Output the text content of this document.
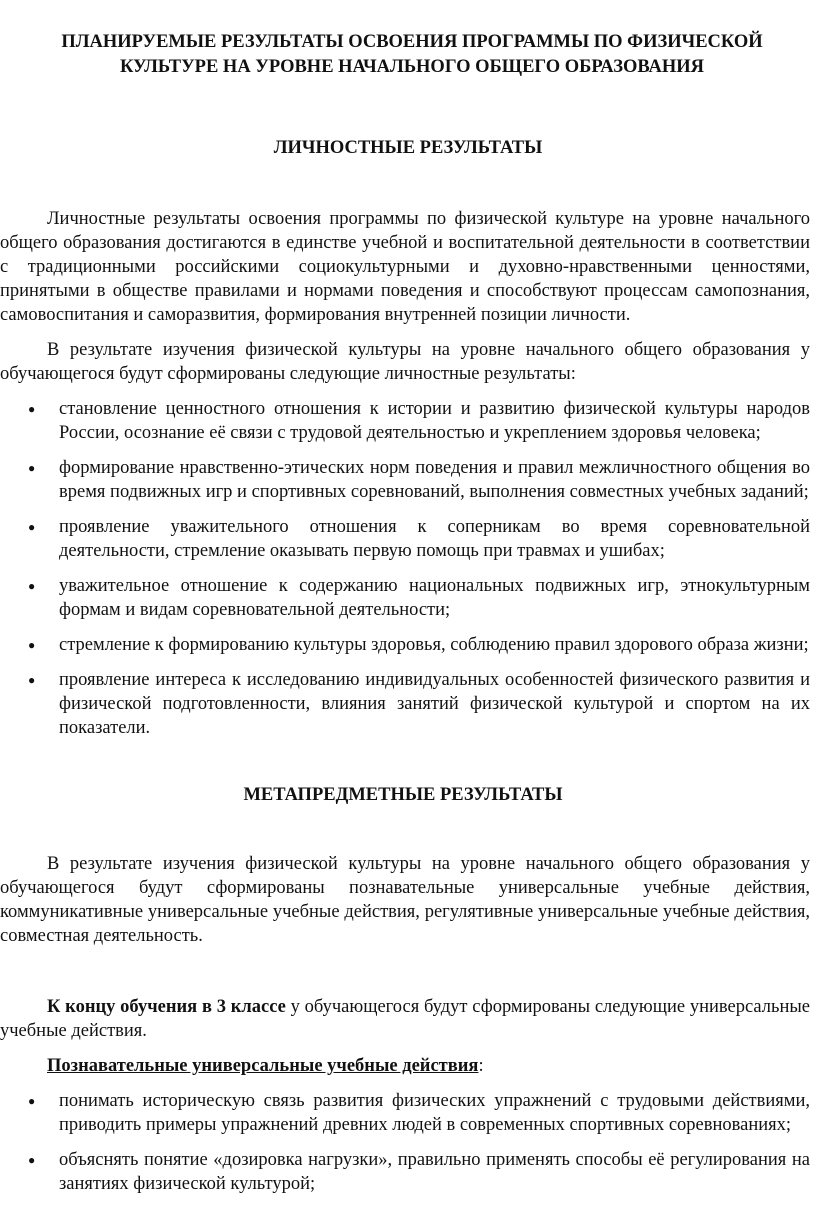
ПЛАНИРУЕМЫЕ РЕЗУЛЬТАТЫ ОСВОЕНИЯ ПРОГРАММЫ ПО ФИЗИЧЕСКОЙ
КУЛЬТУРЕ НА УРОВНЕ НАЧАЛЬНОГО ОБЩЕГО ОБРАЗОВАНИЯ
ЛИЧНОСТНЫЕ РЕЗУЛЬТАТЫ

Личностные результаты освоения программы по физической культуре на уровне начального общего образования достигаются в единстве учебной и воспитательной деятельности в соответствии с традиционными российскими социокультурными и духовно-нравственными ценностями, принятыми в обществе правилами и нормами поведения и способствуют процессам самопознания, самовоспитания и саморазвития, формирования внутренней позиции личности.

В результате изучения физической культуры на уровне начального общего образования у обучающегося будут сформированы следующие личностные результаты:

● становление ценностного отношения к истории и развитию физической культуры народов России, осознание её связи с трудовой деятельностью и укреплением здоровья человека;
● формирование нравственно-этических норм поведения и правил межличностного общения во время подвижных игр и спортивных соревнований, выполнения совместных учебных заданий;
● проявление уважительного отношения к соперникам во время соревновательной деятельности, стремление оказывать первую помощь при травмах и ушибах;
● уважительное отношение к содержанию национальных подвижных игр, этнокультурным формам и видам соревновательной деятельности;
● стремление к формированию культуры здоровья, соблюдению правил здорового образа жизни;
● проявление интереса к исследованию индивидуальных особенностей физического развития и физической подготовленности, влияния занятий физической культурой и спортом на их показатели.
МЕТАПРЕДМЕТНЫЕ РЕЗУЛЬТАТЫ

В результате изучения физической культуры на уровне начального общего образования у обучающегося будут сформированы познавательные универсальные учебные действия, коммуникативные универсальные учебные действия, регулятивные универсальные учебные действия, совместная деятельность.

К концу обучения в 3 классе у обучающегося будут сформированы следующие универсальные учебные действия.

Познавательные универсальные учебные действия:

● понимать историческую связь развития физических упражнений с трудовыми действиями, приводить примеры упражнений древних людей в современных спортивных соревнованиях;
● объяснять понятие «дозировка нагрузки», правильно применять способы её регулирования на занятиях физической культурой;
